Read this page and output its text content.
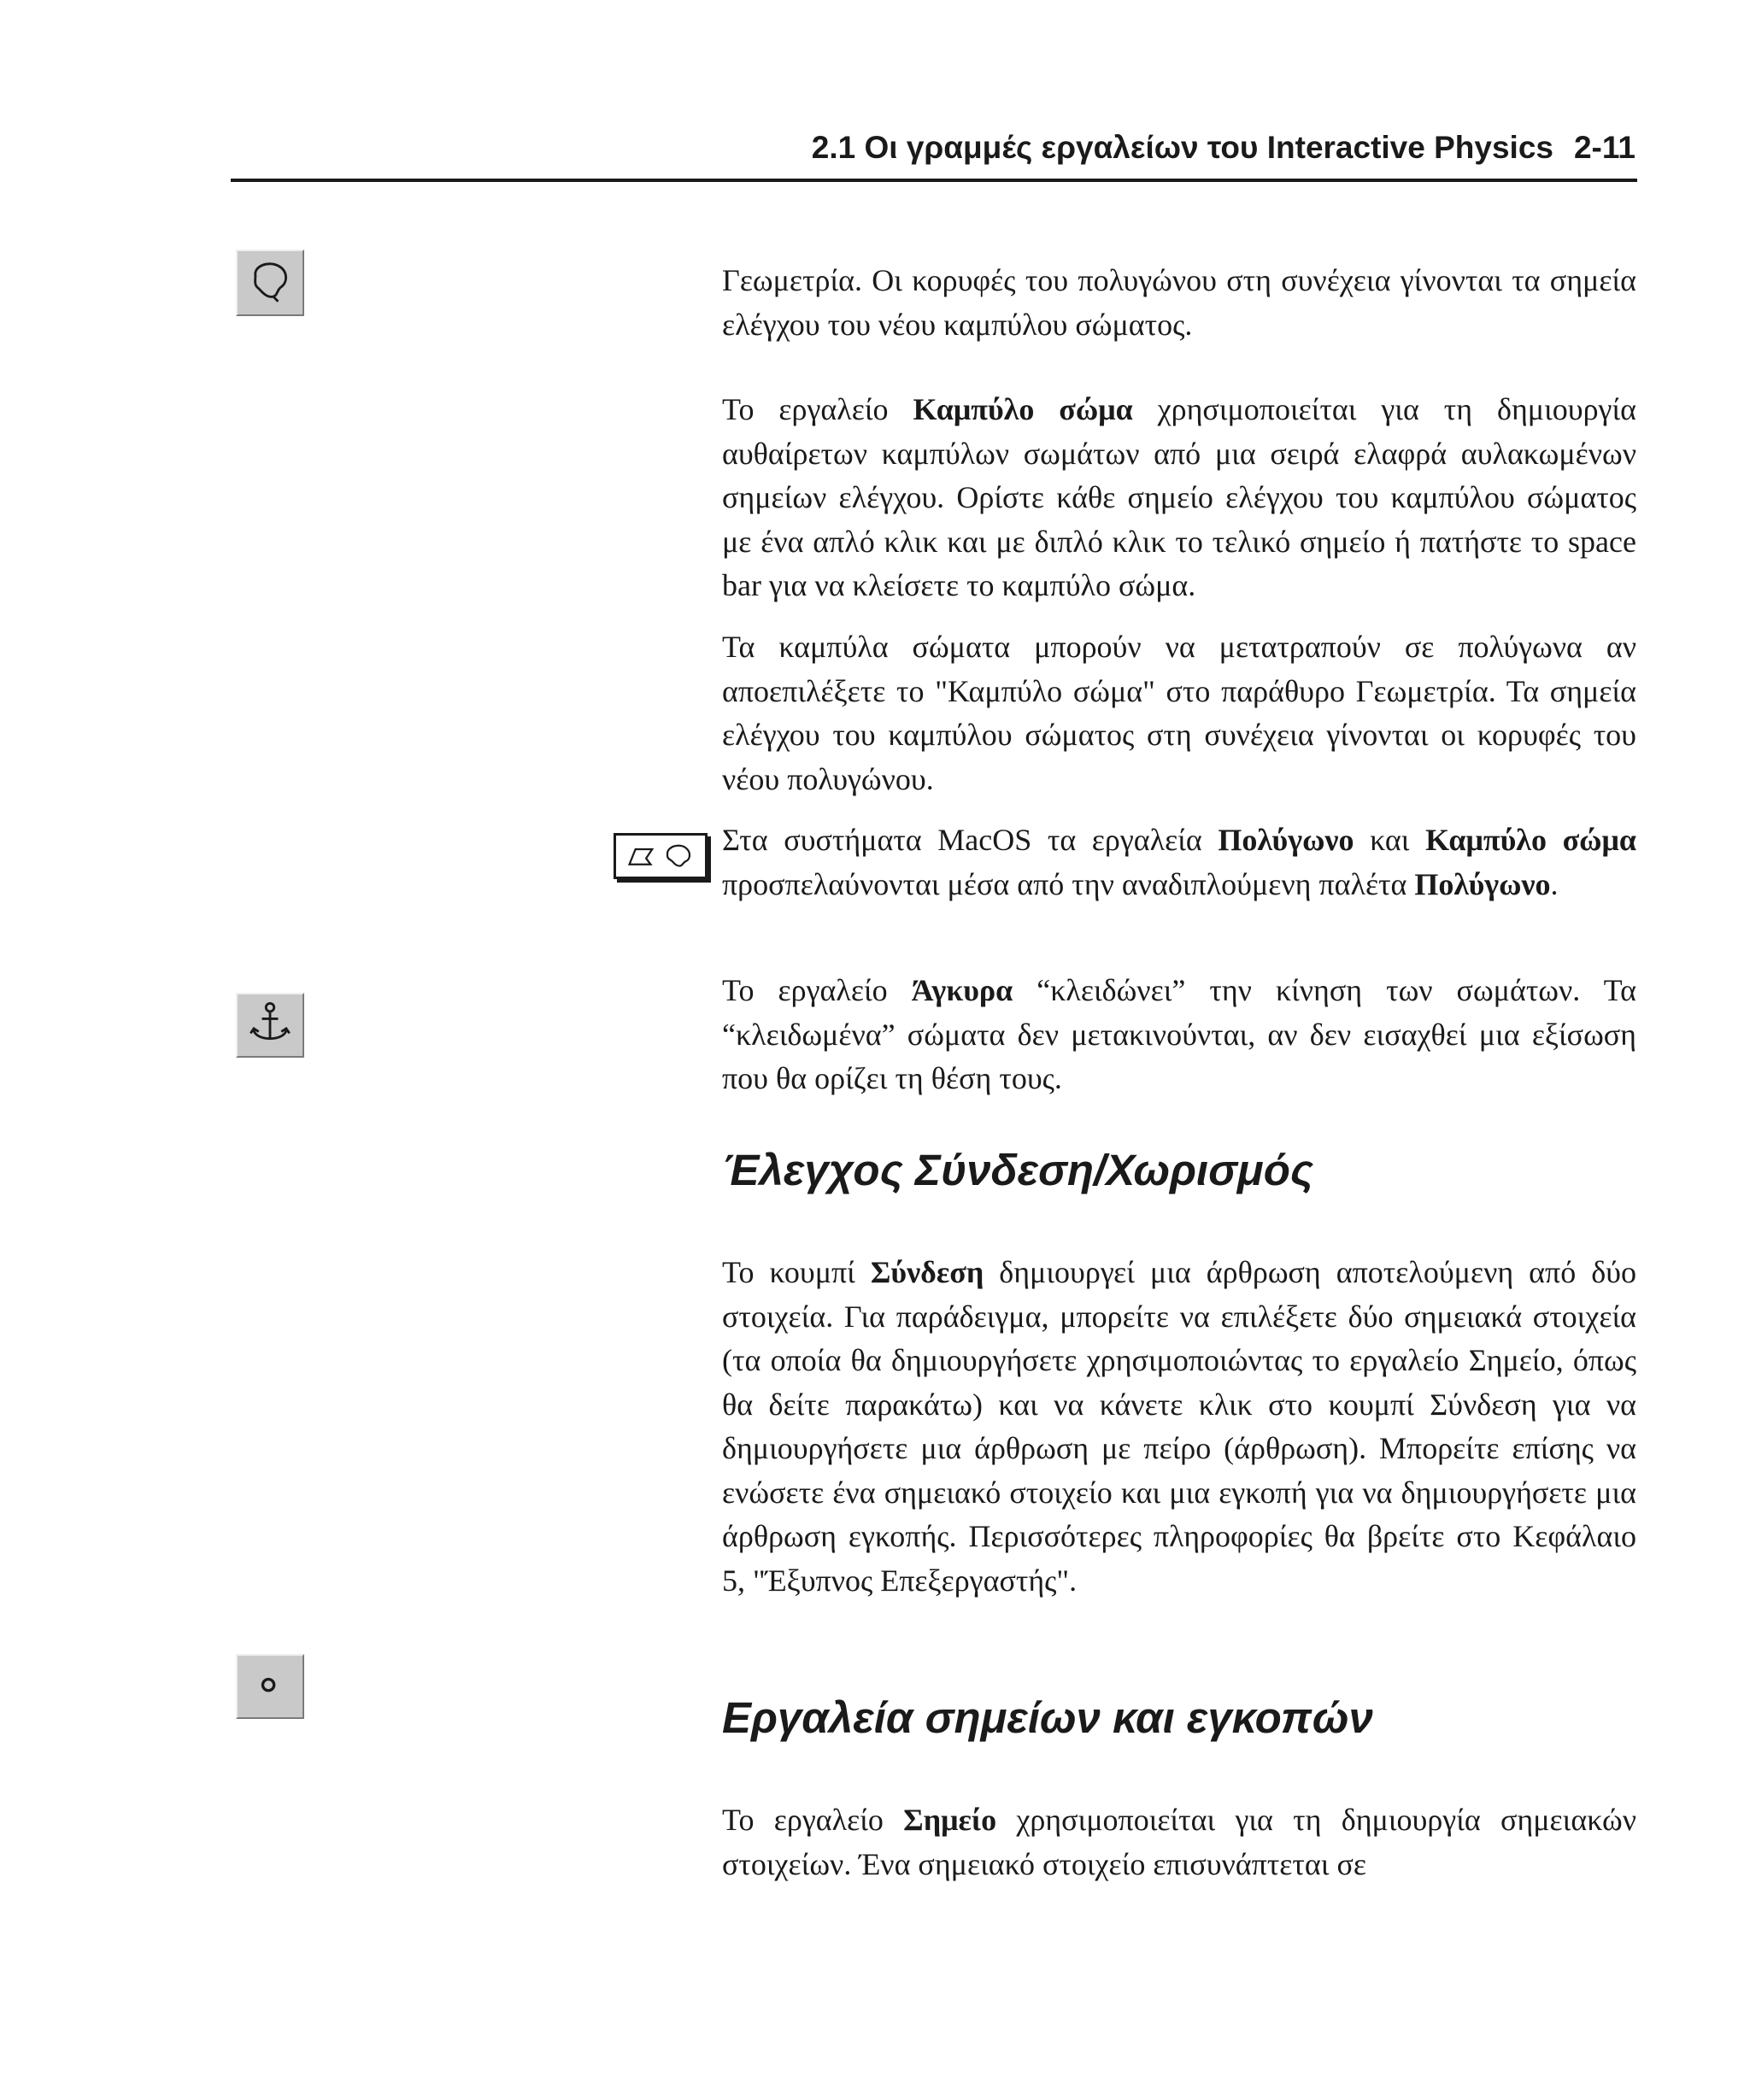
2.1 Οι γραμμές εργαλείων του Interactive Physics 2-11

Γεωμετρία. Οι κορυφές του πολυγώνου στη συνέχεια γίνονται τα σημεία ελέγχου του νέου καμπύλου σώματος.

Το εργαλείο Καμπύλο σώμα χρησιμοποιείται για τη δημιουργία αυθαίρετων καμπύλων σωμάτων από μια σειρά ελαφρά αυλακωμένων σημείων ελέγχου. Ορίστε κάθε σημείο ελέγχου του καμπύλου σώματος με ένα απλό κλικ και με διπλό κλικ το τελικό σημείο ή πατήστε το space bar για να κλείσετε το καμπύλο σώμα.

Τα καμπύλα σώματα μπορούν να μετατραπούν σε πολύγωνα αν αποεπιλέξετε το "Καμπύλο σώμα" στο παράθυρο Γεωμετρία. Τα σημεία ελέγχου του καμπύλου σώματος στη συνέχεια γίνονται οι κορυφές του νέου πολυγώνου.

Στα συστήματα MacOS τα εργαλεία Πολύγωνο και Καμπύλο σώμα προσπελαύνονται μέσα από την αναδιπλούμενη παλέτα Πολύγωνο.

Το εργαλείο Άγκυρα “κλειδώνει” την κίνηση των σωμάτων. Τα “κλειδωμένα” σώματα δεν μετακινούνται, αν δεν εισαχθεί μια εξίσωση που θα ορίζει τη θέση τους.

Έλεγχος Σύνδεση/Χωρισμός

Το κουμπί Σύνδεση δημιουργεί μια άρθρωση αποτελούμενη από δύο στοιχεία. Για παράδειγμα, μπορείτε να επιλέξετε δύο σημειακά στοιχεία (τα οποία θα δημιουργήσετε χρησιμοποιώντας το εργαλείο Σημείο, όπως θα δείτε παρακάτω) και να κάνετε κλικ στο κουμπί Σύνδεση για να δημιουργήσετε μια άρθρωση με πείρο (άρθρωση). Μπορείτε επίσης να ενώσετε ένα σημειακό στοιχείο και μια εγκοπή για να δημιουργήσετε μια άρθρωση εγκοπής. Περισσότερες πληροφορίες θα βρείτε στο Κεφάλαιο 5, "Έξυπνος Επεξεργαστής".

Εργαλεία σημείων και εγκοπών

Το εργαλείο Σημείο χρησιμοποιείται για τη δημιουργία σημειακών στοιχείων. Ένα σημειακό στοιχείο επισυνάπτεται σε
